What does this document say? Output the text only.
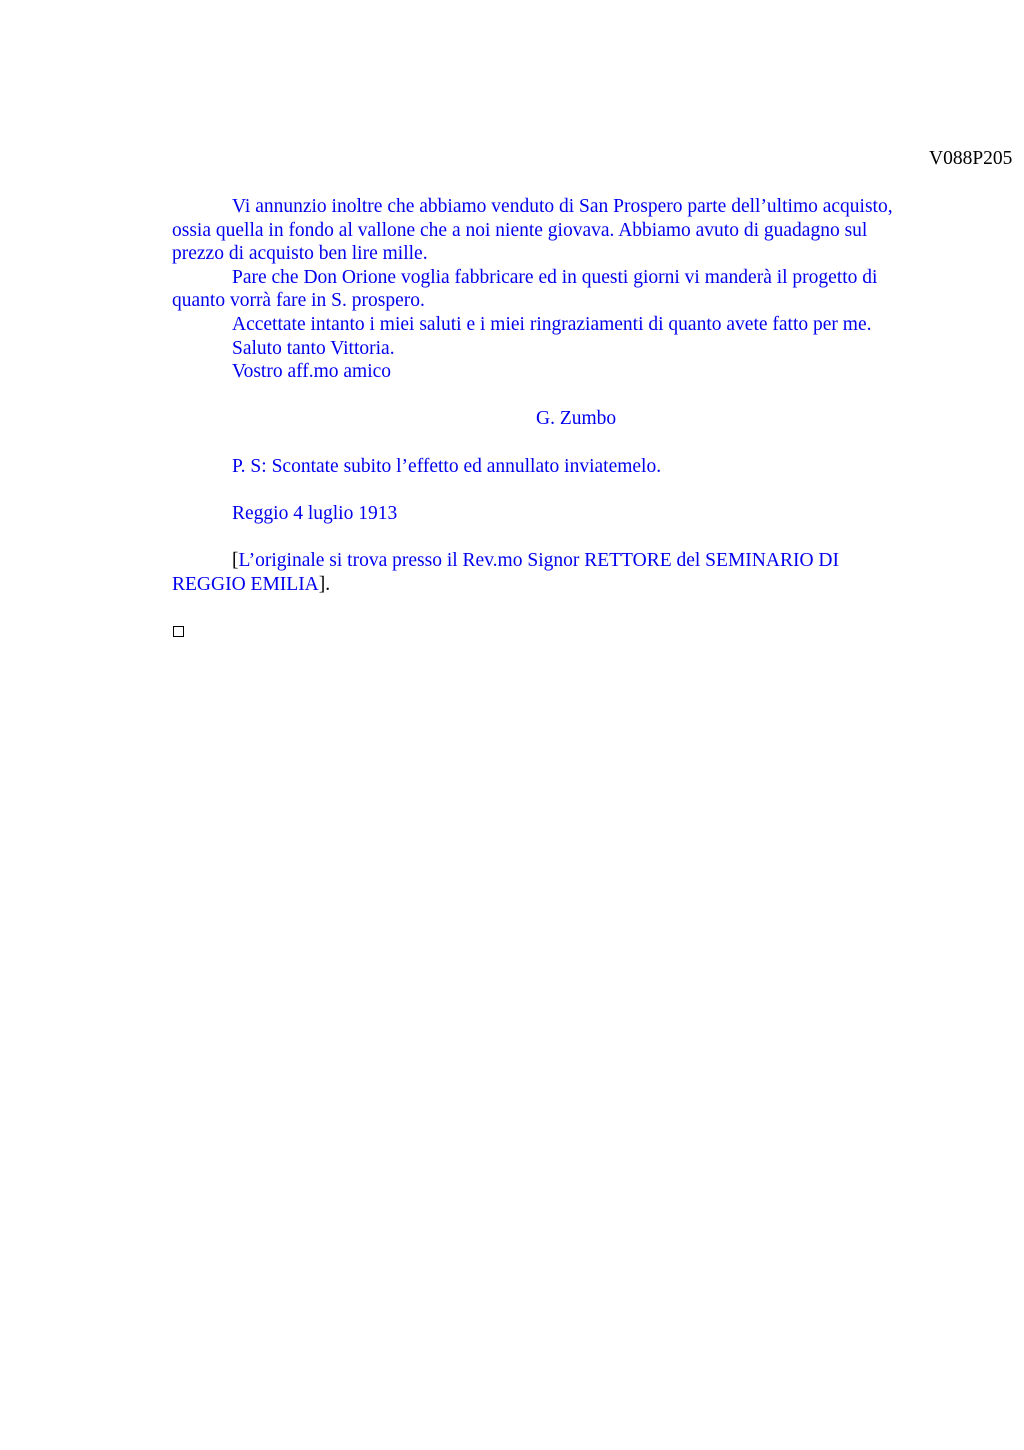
V088P205

Vi annunzio inoltre che abbiamo venduto di San Prospero parte dell’ultimo acquisto, ossia quella in fondo al vallone che a noi niente giovava. Abbiamo avuto di guadagno sul prezzo di acquisto ben lire mille.

Pare che Don Orione voglia fabbricare ed in questi giorni vi manderà il progetto di quanto vorrà fare in S. prospero.

Accettate intanto i miei saluti e i miei ringraziamenti di quanto avete fatto per me.

Saluto tanto Vittoria.

Vostro aff.mo amico

G. Zumbo

P. S: Scontate subito l’effetto ed annullato inviatemelo.

Reggio 4 luglio 1913

[L’originale si trova presso il Rev.mo Signor RETTORE del SEMINARIO DI REGGIO EMILIA].
